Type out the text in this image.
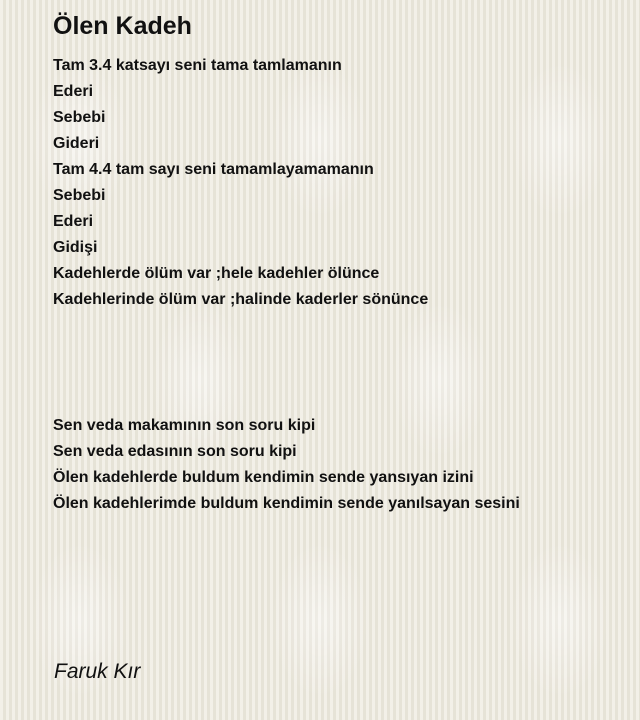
Ölen Kadeh
Tam 3.4 katsayı seni tama tamlamanın
Ederi
Sebebi
Gideri
Tam 4.4 tam sayı seni tamamlayamamanın
Sebebi
Ederi
Gidişi
Kadehlerde ölüm var ;hele kadehler ölünce
Kadehlerinde ölüm var ;halinde kaderler sönünce
Sen veda makamının son soru kipi
Sen veda edasının son soru kipi
Ölen kadehlerde buldum kendimin sende yansıyan izini
Ölen kadehlerimde buldum kendimin sende yanılsayan sesini

Faruk Kır
